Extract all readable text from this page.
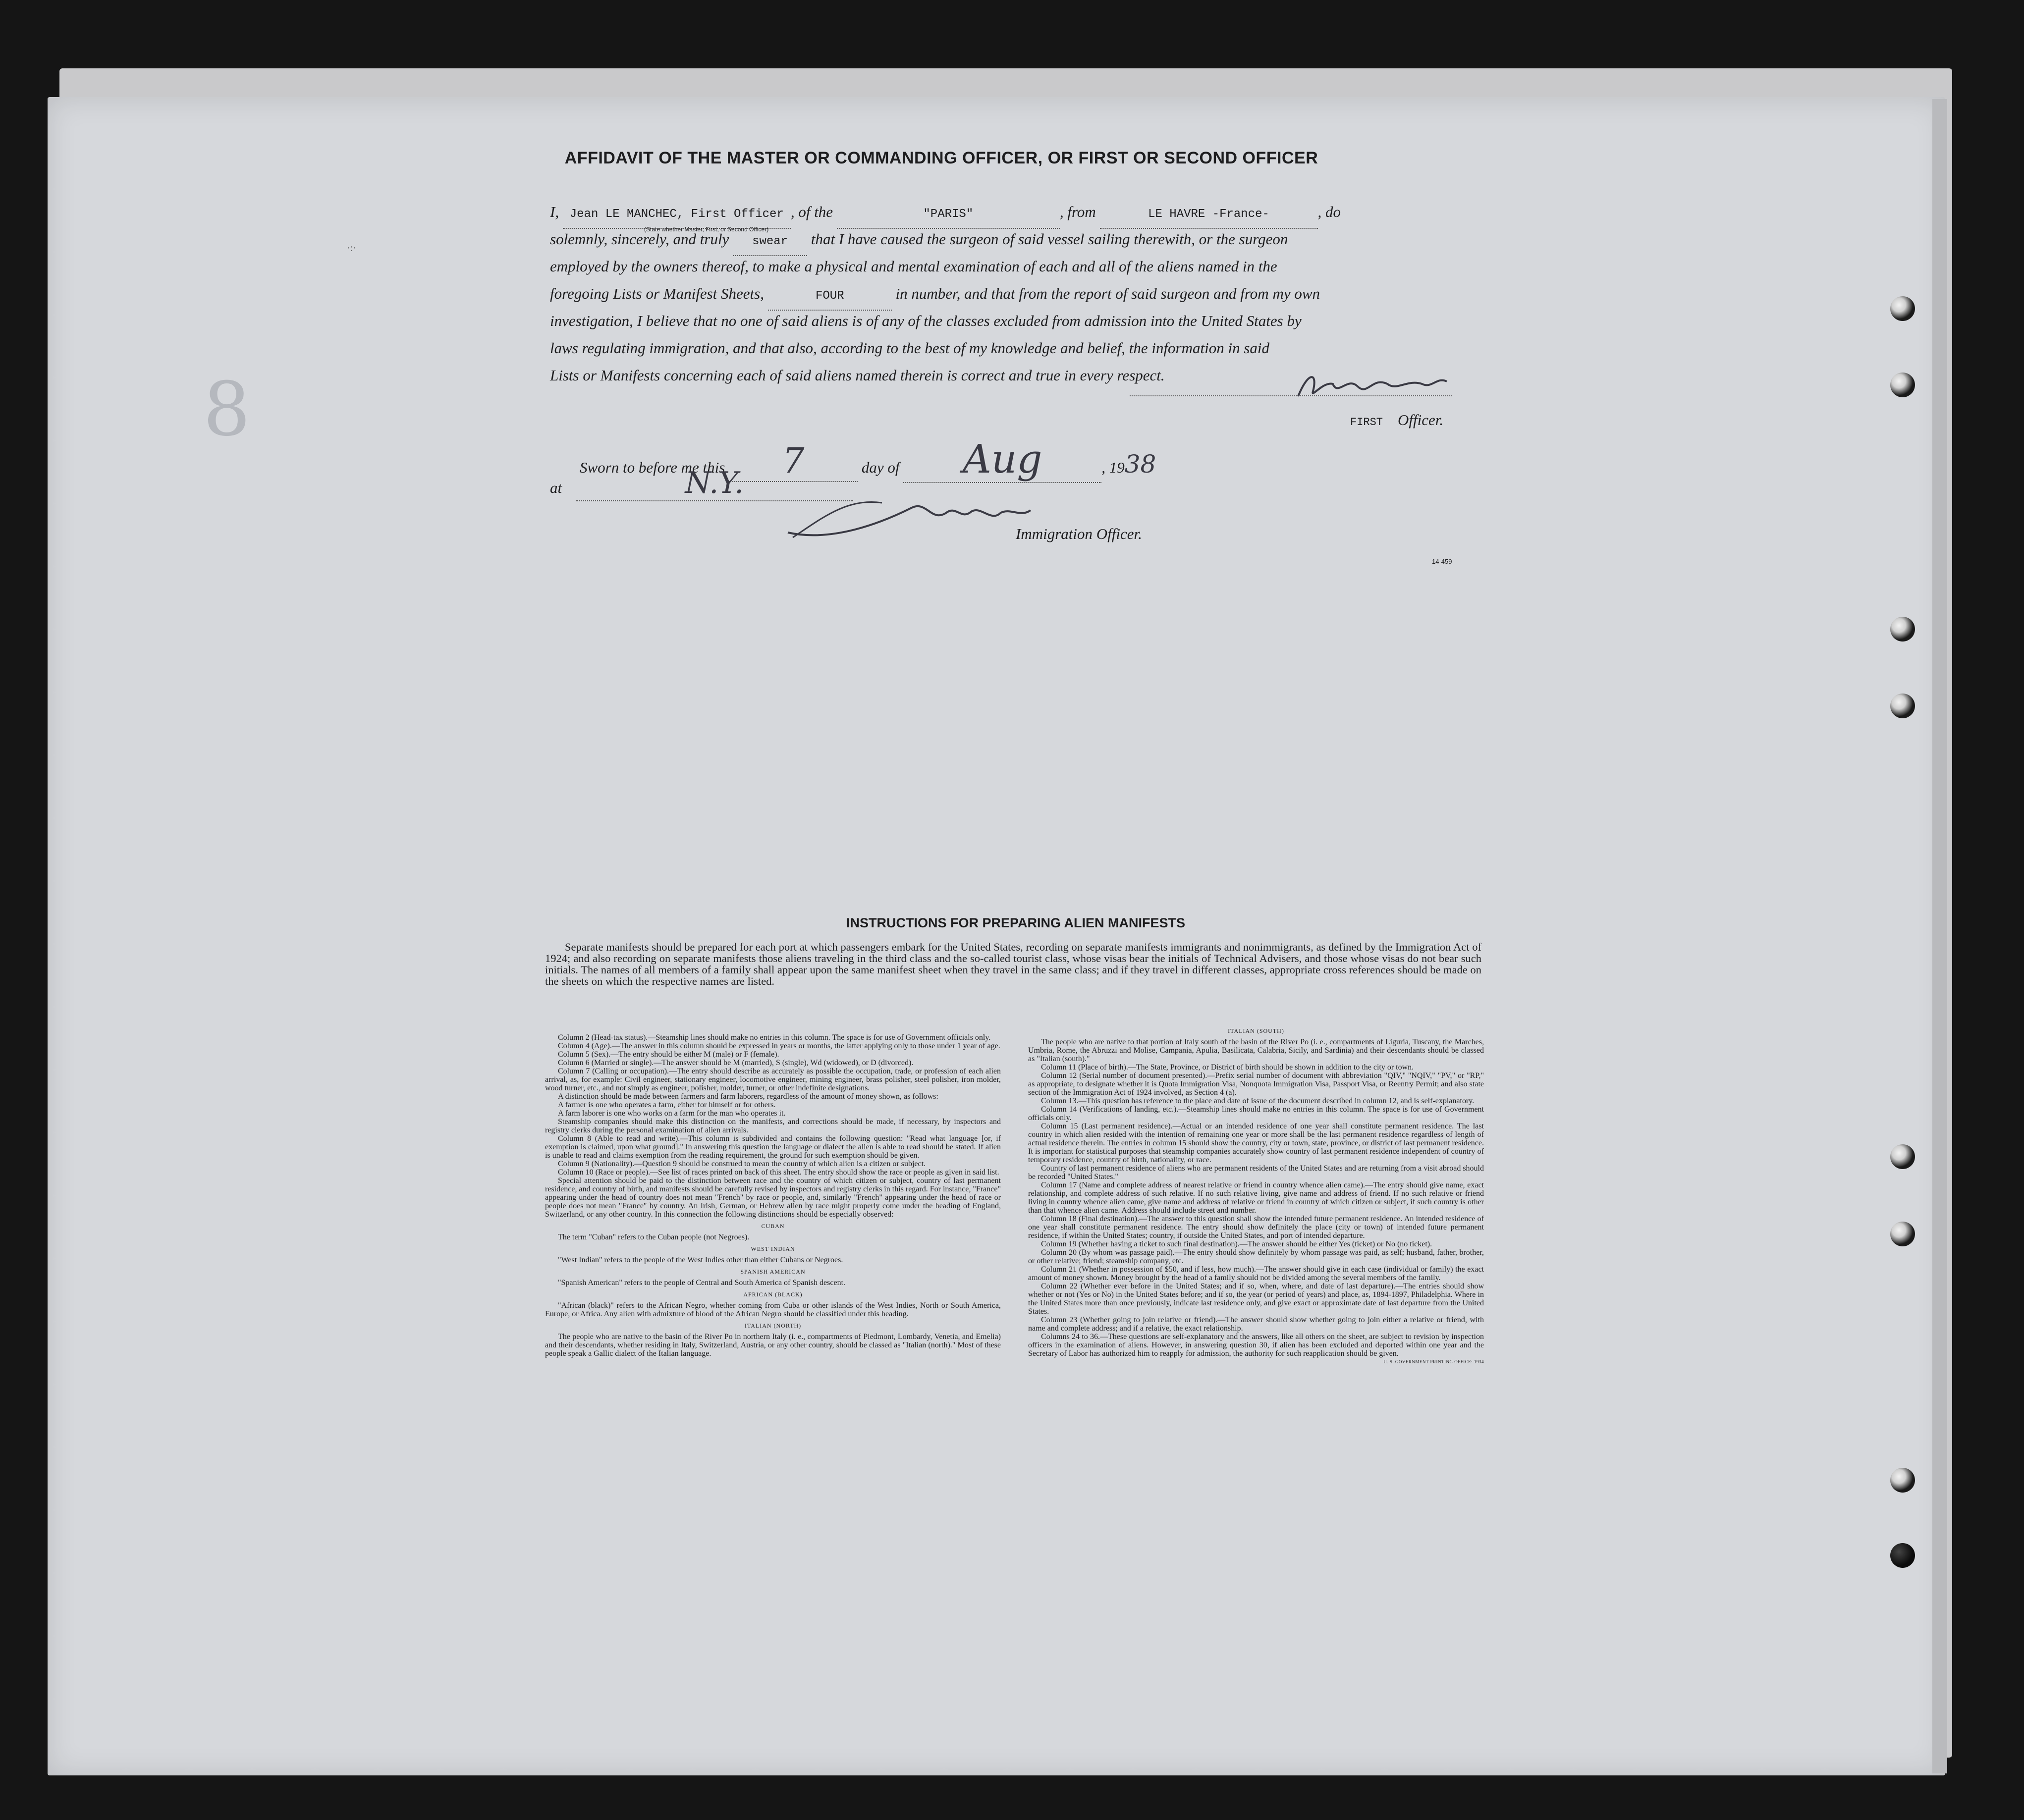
8
·:·
AFFIDAVIT OF THE MASTER OR COMMANDING OFFICER, OR FIRST OR SECOND OFFICER
I, Jean LE MANCHEC, First Officer , of the	"PARIS"	, from	LE HAVRE -France-	, do
(State whether Master, First, or Second Officer)
solemnly, sincerely, and truly swear that I have caused the surgeon of said vessel sailing therewith, or the surgeon
employed by the owners thereof, to make a physical and mental examination of each and all of the aliens named in the
foregoing Lists or Manifest Sheets,	FOUR	in number, and that from the report of said surgeon and from my own
investigation, I believe that no one of said aliens is of any of the classes excluded from admission into the United States by
laws regulating immigration, and that also, according to the best of my knowledge and belief, the information in said
Lists or Manifests concerning each of said aliens named therein is correct and true in every respect.
FIRST Officer.
Sworn to before me this 7	day of Aug	, 1938
at	N.Y.
Immigration Officer.
14-459
INSTRUCTIONS FOR PREPARING ALIEN MANIFESTS
Separate manifests should be prepared for each port at which passengers embark for the United States, recording on separate manifests immigrants and nonimmigrants, as defined by the Immigration Act of 1924; and also recording on separate manifests those aliens traveling in the third class and the so-called tourist class, whose visas bear the initials of Technical Advisers, and those whose visas do not bear such initials. The names of all members of a family shall appear upon the same manifest sheet when they travel in the same class; and if they travel in different classes, appropriate cross references should be made on the sheets on which the respective names are listed.

Column 2 (Head-tax status).—Steamship lines should make no entries in this column. The space is for use of Government officials only.

Column 4 (Age).—The answer in this column should be expressed in years or months, the latter applying only to those under 1 year of age.

Column 5 (Sex).—The entry should be either M (male) or F (female).

Column 6 (Married or single).—The answer should be M (married), S (single), Wd (widowed), or D (divorced).

Column 7 (Calling or occupation).—The entry should describe as accurately as possible the occupation, trade, or profession of each alien arrival, as, for example: Civil engineer, stationary engineer, locomotive engineer, mining engineer, brass polisher, steel polisher, iron molder, wood turner, etc., and not simply as engineer, polisher, molder, turner, or other indefinite designations.

A distinction should be made between farmers and farm laborers, regardless of the amount of money shown, as follows:

A farmer is one who operates a farm, either for himself or for others.

A farm laborer is one who works on a farm for the man who operates it.

Steamship companies should make this distinction on the manifests, and corrections should be made, if necessary, by inspectors and registry clerks during the personal examination of alien arrivals.

Column 8 (Able to read and write).—This column is subdivided and contains the following question: "Read what language [or, if exemption is claimed, upon what ground]." In answering this question the language or dialect the alien is able to read should be stated. If alien is unable to read and claims exemption from the reading requirement, the ground for such exemption should be given.

Column 9 (Nationality).—Question 9 should be construed to mean the country of which alien is a citizen or subject.

Column 10 (Race or people).—See list of races printed on back of this sheet. The entry should show the race or people as given in said list.

Special attention should be paid to the distinction between race and the country of which citizen or subject, country of last permanent residence, and country of birth, and manifests should be carefully revised by inspectors and registry clerks in this regard. For instance, "France" appearing under the head of country does not mean "French" by race or people, and, similarly "French" appearing under the head of race or people does not mean "France" by country. An Irish, German, or Hebrew alien by race might properly come under the heading of England, Switzerland, or any other country. In this connection the following distinctions should be especially observed:

CUBAN

The term "Cuban" refers to the Cuban people (not Negroes).

WEST INDIAN

"West Indian" refers to the people of the West Indies other than either Cubans or Negroes.

SPANISH AMERICAN

"Spanish American" refers to the people of Central and South America of Spanish descent.

AFRICAN (BLACK)

"African (black)" refers to the African Negro, whether coming from Cuba or other islands of the West Indies, North or South America, Europe, or Africa. Any alien with admixture of blood of the African Negro should be classified under this heading.

ITALIAN (NORTH)

The people who are native to the basin of the River Po in northern Italy (i. e., compartments of Piedmont, Lombardy, Venetia, and Emelia) and their descendants, whether residing in Italy, Switzerland, Austria, or any other country, should be classed as "Italian (north)." Most of these people speak a Gallic dialect of the Italian language.

ITALIAN (SOUTH)

The people who are native to that portion of Italy south of the basin of the River Po (i. e., compartments of Liguria, Tuscany, the Marches, Umbria, Rome, the Abruzzi and Molise, Campania, Apulia, Basilicata, Calabria, Sicily, and Sardinia) and their descendants should be classed as "Italian (south)."

Column 11 (Place of birth).—The State, Province, or District of birth should be shown in addition to the city or town.

Column 12 (Serial number of document presented).—Prefix serial number of document with abbreviation "QIV," "NQIV," "PV," or "RP," as appropriate, to designate whether it is Quota Immigration Visa, Nonquota Immigration Visa, Passport Visa, or Reentry Permit; and also state section of the Immigration Act of 1924 involved, as Section 4 (a).

Column 13.—This question has reference to the place and date of issue of the document described in column 12, and is self-explanatory.

Column 14 (Verifications of landing, etc.).—Steamship lines should make no entries in this column. The space is for use of Government officials only.

Column 15 (Last permanent residence).—Actual or an intended residence of one year shall constitute permanent residence. The last country in which alien resided with the intention of remaining one year or more shall be the last permanent residence regardless of length of actual residence therein. The entries in column 15 should show the country, city or town, state, province, or district of last permanent residence. It is important for statistical purposes that steamship companies accurately show country of last permanent residence independent of country of temporary residence, country of birth, nationality, or race.

Country of last permanent residence of aliens who are permanent residents of the United States and are returning from a visit abroad should be recorded "United States."

Column 17 (Name and complete address of nearest relative or friend in country whence alien came).—The entry should give name, exact relationship, and complete address of such relative. If no such relative living, give name and address of friend. If no such relative or friend living in country whence alien came, give name and address of relative or friend in country of which citizen or subject, if such country is other than that whence alien came. Address should include street and number.

Column 18 (Final destination).—The answer to this question shall show the intended future permanent residence. An intended residence of one year shall constitute permanent residence. The entry should show definitely the place (city or town) of intended future permanent residence, if within the United States; country, if outside the United States, and port of intended departure.

Column 19 (Whether having a ticket to such final destination).—The answer should be either Yes (ticket) or No (no ticket).

Column 20 (By whom was passage paid).—The entry should show definitely by whom passage was paid, as self; husband, father, brother, or other relative; friend; steamship company, etc.

Column 21 (Whether in possession of $50, and if less, how much).—The answer should give in each case (individual or family) the exact amount of money shown. Money brought by the head of a family should not be divided among the several members of the family.

Column 22 (Whether ever before in the United States; and if so, when, where, and date of last departure).—The entries should show whether or not (Yes or No) in the United States before; and if so, the year (or period of years) and place, as, 1894-1897, Philadelphia. Where in the United States more than once previously, indicate last residence only, and give exact or approximate date of last departure from the United States.

Column 23 (Whether going to join relative or friend).—The answer should show whether going to join either a relative or friend, with name and complete address; and if a relative, the exact relationship.

Columns 24 to 36.—These questions are self-explanatory and the answers, like all others on the sheet, are subject to revision by inspection officers in the examination of aliens. However, in answering question 30, if alien has been excluded and deported within one year and the Secretary of Labor has authorized him to reapply for admission, the authority for such reapplication should be given.

U. S. GOVERNMENT PRINTING OFFICE: 1934
